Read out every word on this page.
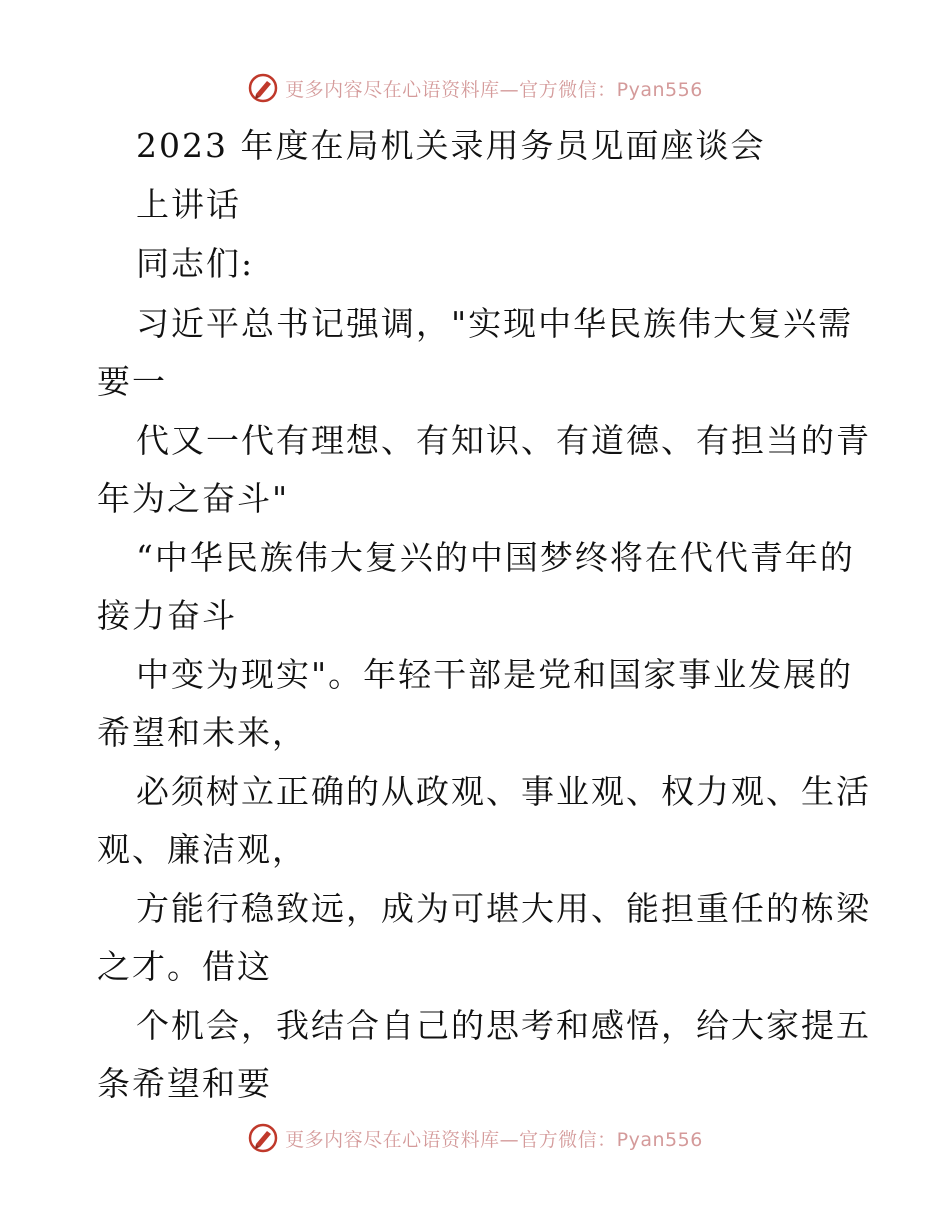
更多内容尽在心语资料库—官方微信：Pyan556
2023 年度在局机关录用务员见面座谈会
上讲话
同志们:
习近平总书记强调，"实现中华民族伟大复兴需
要一
代又一代有理想、有知识、有道德、有担当的青
年为之奋斗"
“中华民族伟大复兴的中国梦终将在代代青年的
接力奋斗
中变为现实"。年轻干部是党和国家事业发展的
希望和未来，
必须树立正确的从政观、事业观、权力观、生活
观、廉洁观，
方能行稳致远，成为可堪大用、能担重任的栋梁
之才。借这
个机会，我结合自己的思考和感悟，给大家提五
条希望和要
更多内容尽在心语资料库—官方微信：Pyan556
